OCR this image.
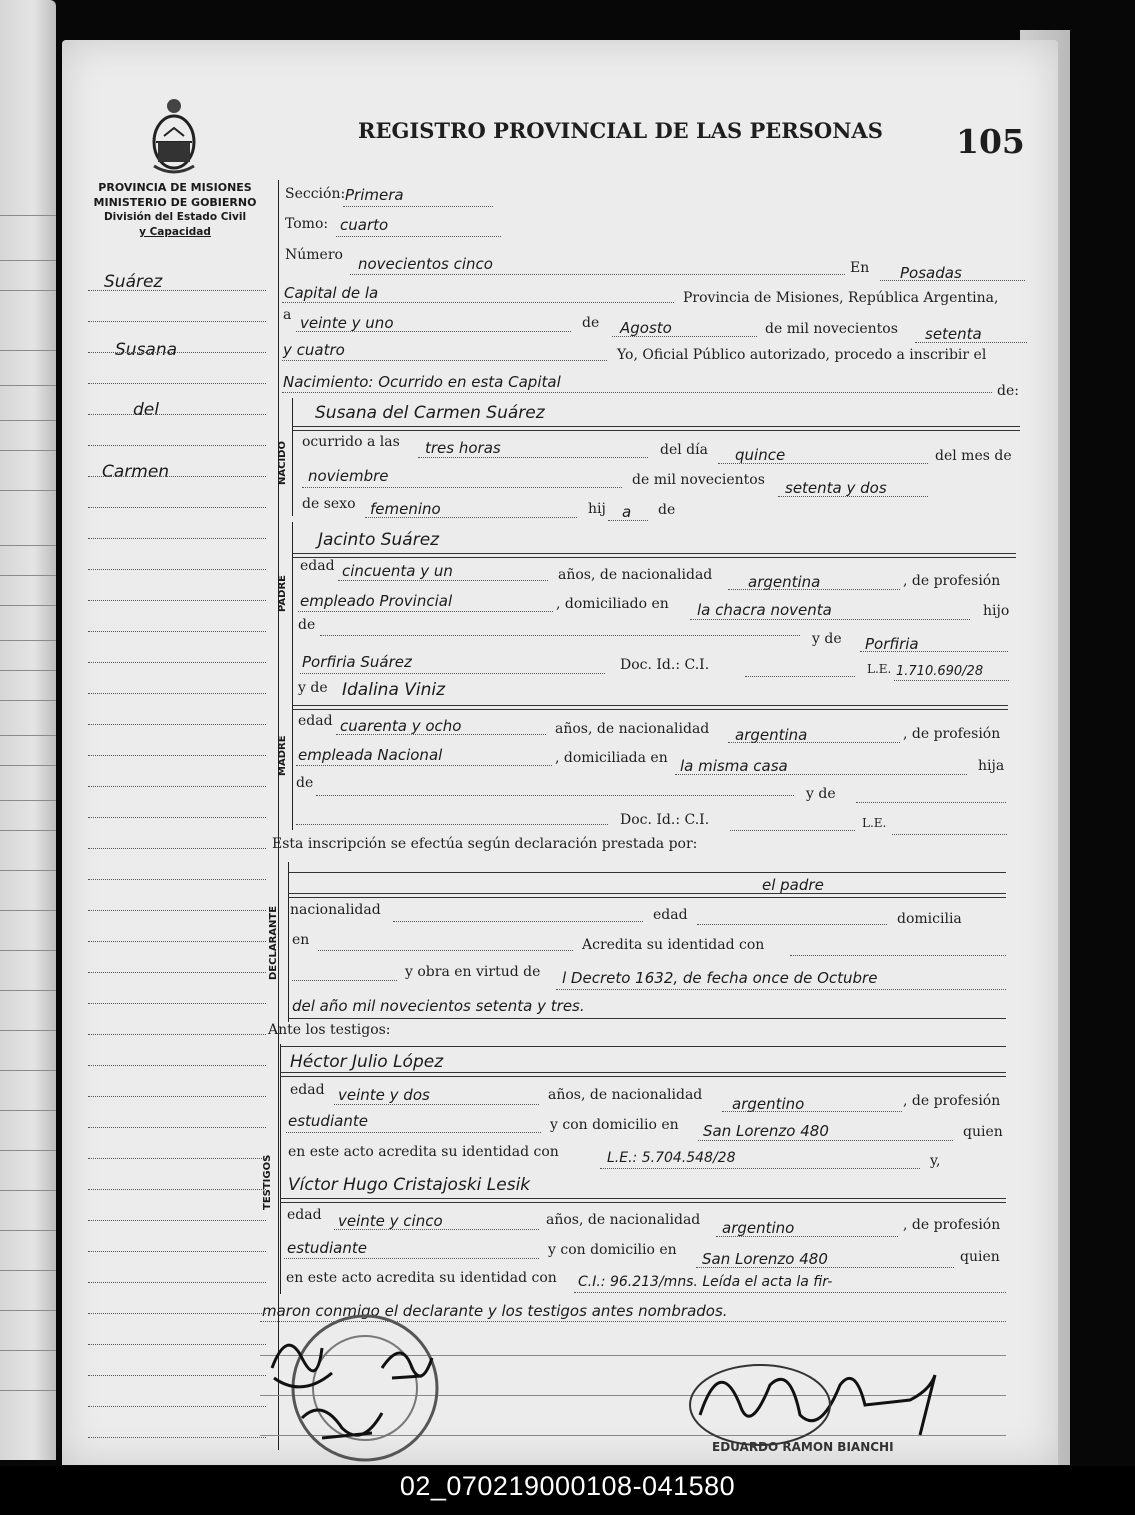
REGISTRO PROVINCIAL DE LAS PERSONAS 105
PROVINCIA DE MISIONES
MINISTERIO DE GOBIERNO
División del Estado Civil
y Capacidad
Suárez
Susana
del
Carmen
Sección: Primera
Tomo: cuarto
Número novecientos cinco	En Posadas
Capital de la	Provincia de Misiones, República Argentina,
a veinte y uno	de Agosto	de mil novecientos setenta
y cuatro	Yo, Oficial Público autorizado, procedo a inscribir el
Nacimiento: Ocurrido en esta Capital	de:
NACIDO
Susana del Carmen Suárez
ocurrido a las tres horas	del día quince	del mes de
noviembre	de mil novecientos setenta y dos
de sexo femenino	hij a de
PADRE
Jacinto Suárez
edad cincuenta y un	años, de nacionalidad argentina	, de profesión
empleado Provincial	, domiciliado en la chacra noventa	hijo
de
y de Porfiria
Porfiria Suárez	Doc. Id.: C.I.	L.E. 1.710.690/28
MADRE
y de Idalina Viniz
edad cuarenta y ocho	años, de nacionalidad argentina	, de profesión
empleada Nacional	, domiciliada en la misma casa	hija
de
y de
Doc. Id.: C.I.	L.E.
Esta inscripción se efectúa según declaración prestada por:
DECLARANTE
el padre
nacionalidad	edad	domicilia
en	Acredita su identidad con
y obra en virtud de l Decreto 1632, de fecha once de Octubre
del año mil novecientos setenta y tres.
Ante los testigos:
TESTIGOS
Héctor Julio López
edad veinte y dos	años, de nacionalidad argentino	, de profesión
estudiante	y con domicilio en San Lorenzo 480	quien
en este acto acredita su identidad con	L.E.: 5.704.548/28	y,
Víctor Hugo Cristajoski Lesik
edad veinte y cinco	años, de nacionalidad argentino	, de profesión
estudiante	y con domicilio en San Lorenzo 480	quien
en este acto acredita su identidad con C.I.: 96.213/mns. Leída el acta la fir-
maron conmigo el declarante y los testigos antes nombrados.
EDUARDO RAMON BIANCHI
02_070219000108-041580
